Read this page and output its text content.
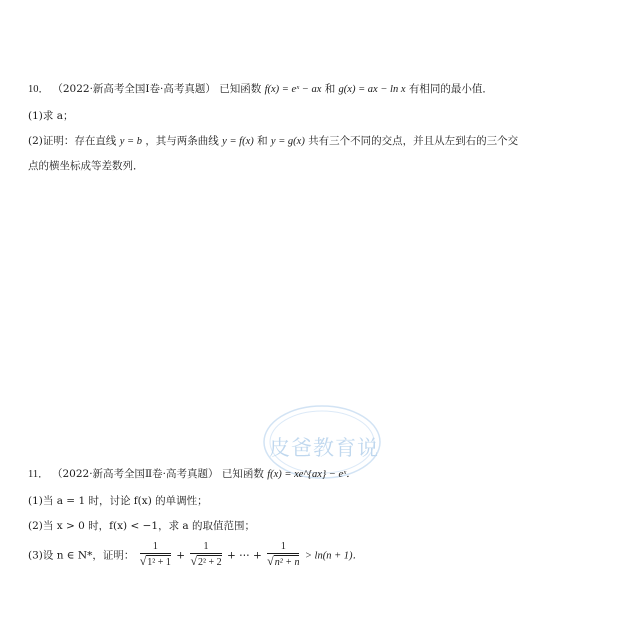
10． （2022·新高考全国Ⅰ卷·高考真题） 已知函数 f(x) = eˣ − ax 和 g(x) = ax − ln x 有相同的最小值．
(1)求 a；
(2)证明：存在直线 y = b ，其与两条曲线 y = f(x) 和 y = g(x) 共有三个不同的交点，并且从左到右的三个交
点的横坐标成等差数列．
皮爸教育说
11． （2022·新高考全国Ⅱ卷·高考真题） 已知函数 f(x) = xe^{ax} − eˣ．
(1)当 a = 1 时，讨论 f(x) 的单调性；
(2)当 x > 0 时，f(x) < −1，求 a 的取值范围；
(3)设 n ∈ N*，证明： $\frac{1}{\text{√1² + 1}} + \frac{1}{\text{√2² + 2}}$ + ⋯ + $\frac{1}{\text{√n² + n}} > \ln(n + 1)$．
